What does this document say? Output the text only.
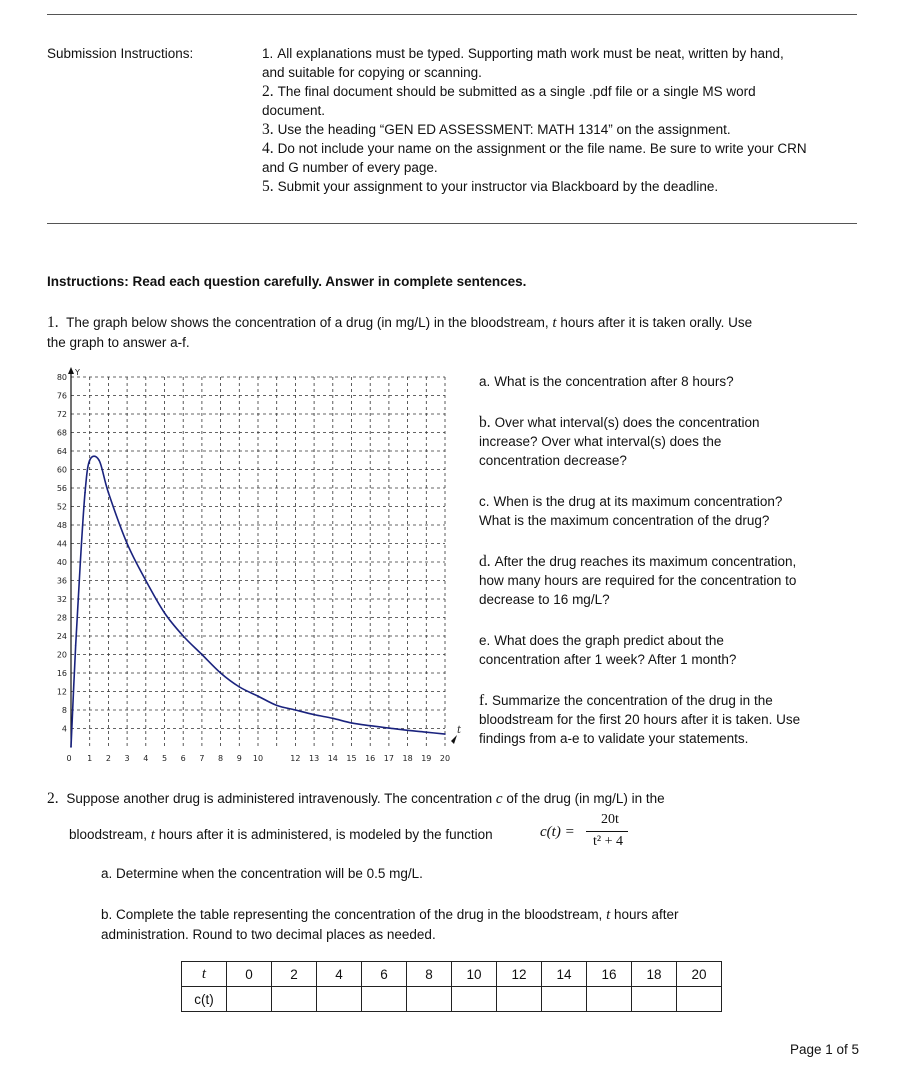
Submission Instructions:	1. All explanations must be typed. Supporting math work must be neat, written by hand,
and suitable for copying or scanning.
2. The final document should be submitted as a single .pdf file or a single MS word
document.
3. Use the heading “GEN ED ASSESSMENT: MATH 1314” on the assignment.
4. Do not include your name on the assignment or the file name. Be sure to write your CRN
and G number of every page.
5. Submit your assignment to your instructor via Blackboard by the deadline.
Instructions: Read each question carefully. Answer in complete sentences.
1. The graph below shows the concentration of a drug (in mg/L) in the bloodstream, t hours after it is taken orally. Use
the graph to answer a-f.
4
8
12
16
20
24
28
32
36
40
44
48
52
56
60
64
68
72
76
80
0 1 2 3 4 5 6 7 8 9 10	12 13 14 15 16 17 18 19 20
Y
t
a. What is the concentration after 8 hours?
b. Over what interval(s) does the concentration
increase? Over what interval(s) does the
concentration decrease?
c. When is the drug at its maximum concentration?
What is the maximum concentration of the drug?
d. After the drug reaches its maximum concentration,
how many hours are required for the concentration to
decrease to 16 mg/L?
e. What does the graph predict about the
concentration after 1 week? After 1 month?
f. Summarize the concentration of the drug in the
bloodstream for the first 20 hours after it is taken. Use
findings from a-e to validate your statements.
2. Suppose another drug is administered intravenously. The concentration c of the drug (in mg/L) in the
bloodstream, t hours after it is administered, is modeled by the function	c(t) =
20t
t² + 4
a. Determine when the concentration will be 0.5 mg/L.
b. Complete the table representing the concentration of the drug in the bloodstream, t hours after
administration. Round to two decimal places as needed.
t	0	2	4	6	8	10	12	14	16	18	20
c(t)											
Page 1 of 5
